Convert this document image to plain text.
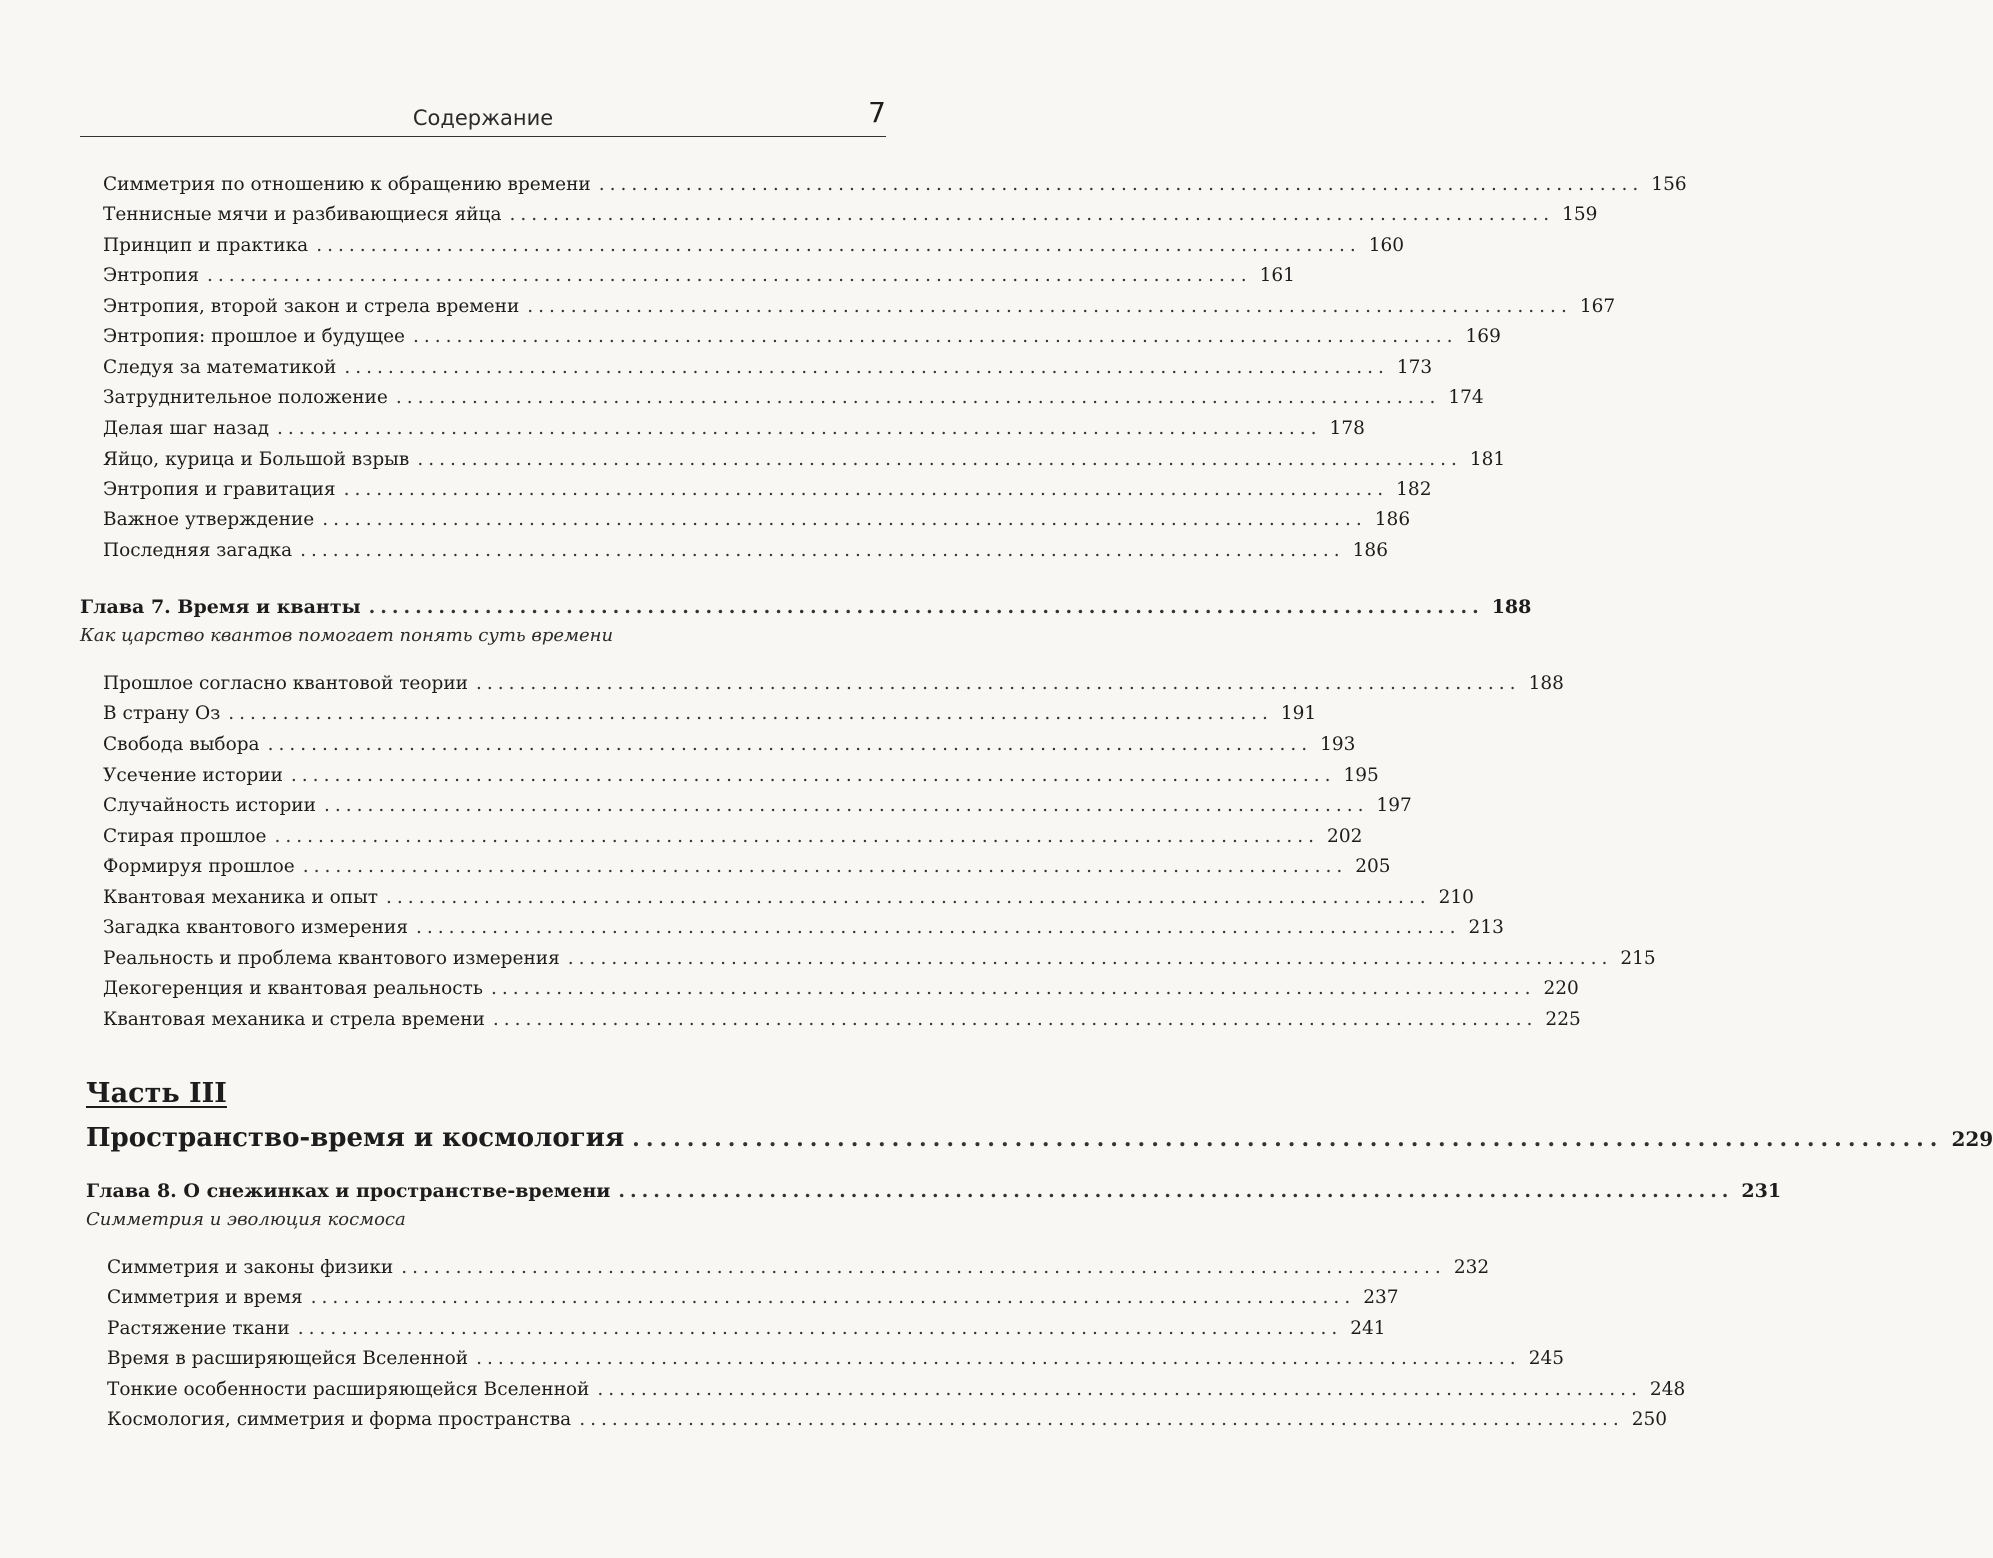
Содержание	7
Симметрия по отношению к обращению времени ................................................................................................ 156
Теннисные мячи и разбивающиеся яйца ................................................................................................ 159
Принцип и практика ................................................................................................ 160
Энтропия ................................................................................................ 161
Энтропия, второй закон и стрела времени ................................................................................................ 167
Энтропия: прошлое и будущее ................................................................................................ 169
Следуя за математикой ................................................................................................ 173
Затруднительное положение ................................................................................................ 174
Делая шаг назад ................................................................................................ 178
Яйцо, курица и Большой взрыв ................................................................................................ 181
Энтропия и гравитация ................................................................................................ 182
Важное утверждение ................................................................................................ 186
Последняя загадка ................................................................................................ 186
Глава 7. Время и кванты ................................................................................................ 188
Как царство квантов помогает понять суть времени
Прошлое согласно квантовой теории ................................................................................................ 188
В страну Оз ................................................................................................ 191
Свобода выбора ................................................................................................ 193
Усечение истории ................................................................................................ 195
Случайность истории ................................................................................................ 197
Стирая прошлое ................................................................................................ 202
Формируя прошлое ................................................................................................ 205
Квантовая механика и опыт ................................................................................................ 210
Загадка квантового измерения ................................................................................................ 213
Реальность и проблема квантового измерения ................................................................................................ 215
Декогеренция и квантовая реальность ................................................................................................ 220
Квантовая механика и стрела времени ................................................................................................ 225
Часть III
Пространство-время и космология ................................................................................................ 229
Глава 8. О снежинках и пространстве-времени ................................................................................................ 231
Симметрия и эволюция космоса
Симметрия и законы физики ................................................................................................ 232
Симметрия и время ................................................................................................ 237
Растяжение ткани ................................................................................................ 241
Время в расширяющейся Вселенной ................................................................................................ 245
Тонкие особенности расширяющейся Вселенной ................................................................................................ 248
Космология, симметрия и форма пространства ................................................................................................ 250
